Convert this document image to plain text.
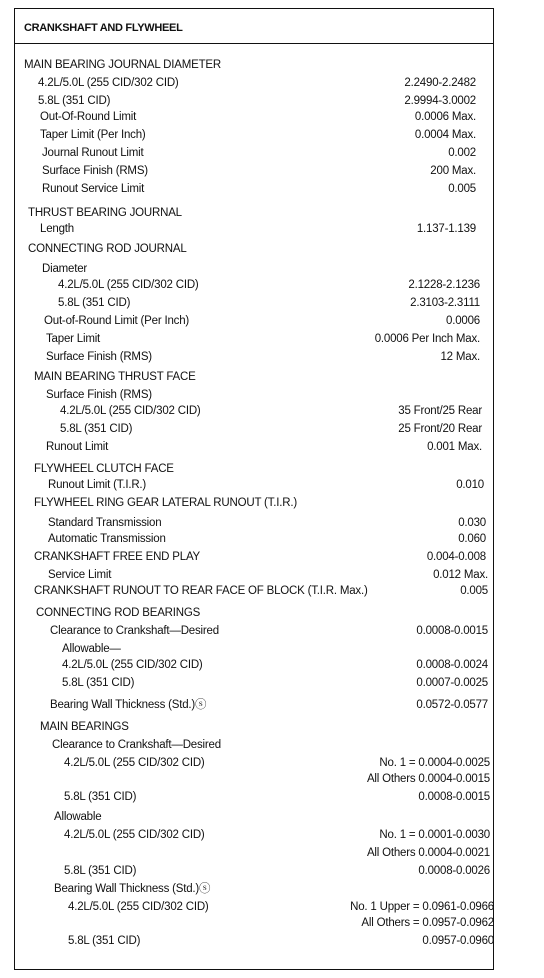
CRANKSHAFT AND FLYWHEEL
MAIN BEARING JOURNAL DIAMETER
4.2L/5.0L (255 CID/302 CID)	2.2490-2.2482
5.8L (351 CID)	2.9994-3.0002
Out-Of-Round Limit	0.0006 Max.
Taper Limit (Per Inch)	0.0004 Max.
Journal Runout Limit	0.002
Surface Finish (RMS)	200 Max.
Runout Service Limit	0.005
THRUST BEARING JOURNAL
Length	1.137-1.139
CONNECTING ROD JOURNAL
Diameter
4.2L/5.0L (255 CID/302 CID)	2.1228-2.1236
5.8L (351 CID)	2.3103-2.3111
Out-of-Round Limit (Per Inch)	0.0006
Taper Limit	0.0006 Per Inch Max.
Surface Finish (RMS)	12 Max.
MAIN BEARING THRUST FACE
Surface Finish (RMS)
4.2L/5.0L (255 CID/302 CID)	35 Front/25 Rear
5.8L (351 CID)	25 Front/20 Rear
Runout Limit	0.001 Max.
FLYWHEEL CLUTCH FACE
Runout Limit (T.I.R.)	0.010
FLYWHEEL RING GEAR LATERAL RUNOUT (T.I.R.)
Standard Transmission	0.030
Automatic Transmission	0.060
CRANKSHAFT FREE END PLAY	0.004-0.008
Service Limit	0.012 Max.
CRANKSHAFT RUNOUT TO REAR FACE OF BLOCK (T.I.R. Max.)	0.005
CONNECTING ROD BEARINGS
Clearance to Crankshaft—Desired	0.0008-0.0015
Allowable—
4.2L/5.0L (255 CID/302 CID)	0.0008-0.0024
5.8L (351 CID)	0.0007-0.0025
Bearing Wall Thickness (Std.)ⓢ	0.0572-0.0577
MAIN BEARINGS
Clearance to Crankshaft—Desired
4.2L/5.0L (255 CID/302 CID)	No. 1 = 0.0004-0.0025
All Others 0.0004-0.0015
5.8L (351 CID)	0.0008-0.0015
Allowable
4.2L/5.0L (255 CID/302 CID)	No. 1 = 0.0001-0.0030
All Others 0.0004-0.0021
5.8L (351 CID)	0.0008-0.0026
Bearing Wall Thickness (Std.)ⓢ
4.2L/5.0L (255 CID/302 CID)	No. 1 Upper = 0.0961-0.0966
All Others = 0.0957-0.0962
5.8L (351 CID)	0.0957-0.0960
